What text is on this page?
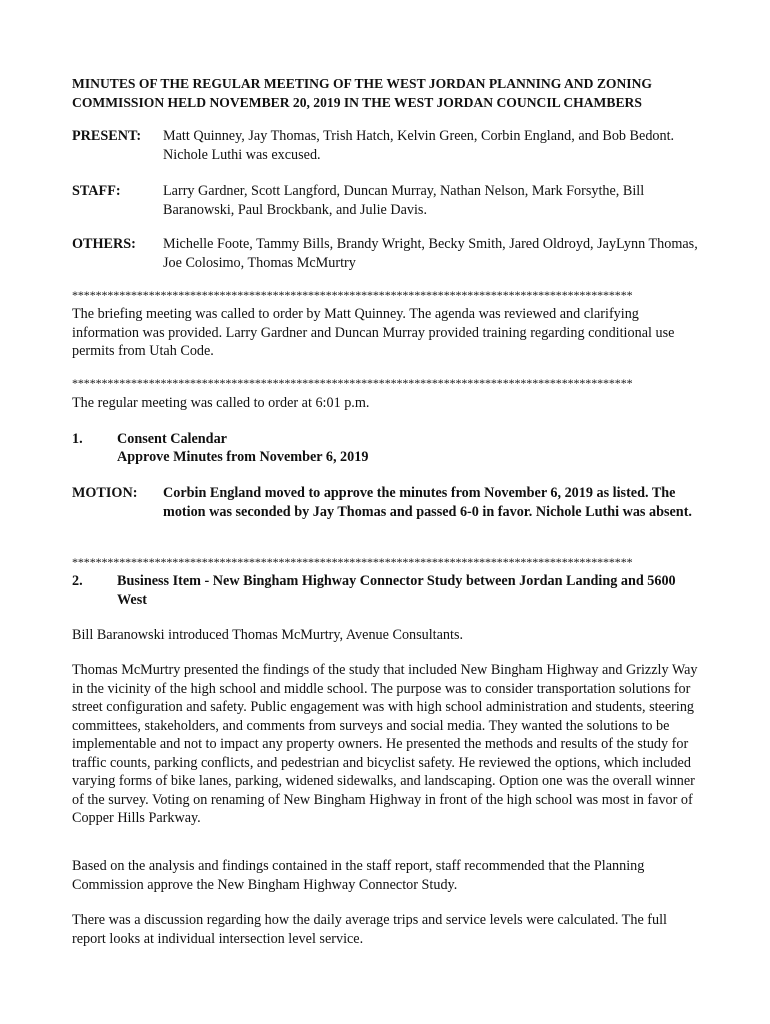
MINUTES OF THE REGULAR MEETING OF THE WEST JORDAN PLANNING AND ZONING COMMISSION HELD NOVEMBER 20, 2019 IN THE WEST JORDAN COUNCIL CHAMBERS
PRESENT: Matt Quinney, Jay Thomas, Trish Hatch, Kelvin Green, Corbin England, and Bob Bedont. Nichole Luthi was excused.
STAFF:	Larry Gardner, Scott Langford, Duncan Murray, Nathan Nelson, Mark Forsythe, Bill Baranowski, Paul Brockbank, and Julie Davis.
OTHERS: Michelle Foote, Tammy Bills, Brandy Wright, Becky Smith, Jared Oldroyd, JayLynn Thomas, Joe Colosimo, Thomas McMurtry
***********************************************************************************************
The briefing meeting was called to order by Matt Quinney. The agenda was reviewed and clarifying information was provided. Larry Gardner and Duncan Murray provided training regarding conditional use permits from Utah Code.
***********************************************************************************************
The regular meeting was called to order at 6:01 p.m.
1. Consent Calendar
Approve Minutes from November 6, 2019
MOTION: Corbin England moved to approve the minutes from November 6, 2019 as listed. The motion was seconded by Jay Thomas and passed 6-0 in favor. Nichole Luthi was absent.
***********************************************************************************************
2. Business Item - New Bingham Highway Connector Study between Jordan Landing and 5600 West
Bill Baranowski introduced Thomas McMurtry, Avenue Consultants.
Thomas McMurtry presented the findings of the study that included New Bingham Highway and Grizzly Way in the vicinity of the high school and middle school. The purpose was to consider transportation solutions for street configuration and safety. Public engagement was with high school administration and students, steering committees, stakeholders, and comments from surveys and social media. They wanted the solutions to be implementable and not to impact any property owners. He presented the methods and results of the study for traffic counts, parking conflicts, and pedestrian and bicyclist safety. He reviewed the options, which included varying forms of bike lanes, parking, widened sidewalks, and landscaping. Option one was the overall winner of the survey. Voting on renaming of New Bingham Highway in front of the high school was most in favor of Copper Hills Parkway.
Based on the analysis and findings contained in the staff report, staff recommended that the Planning Commission approve the New Bingham Highway Connector Study.
There was a discussion regarding how the daily average trips and service levels were calculated. The full report looks at individual intersection level service.
